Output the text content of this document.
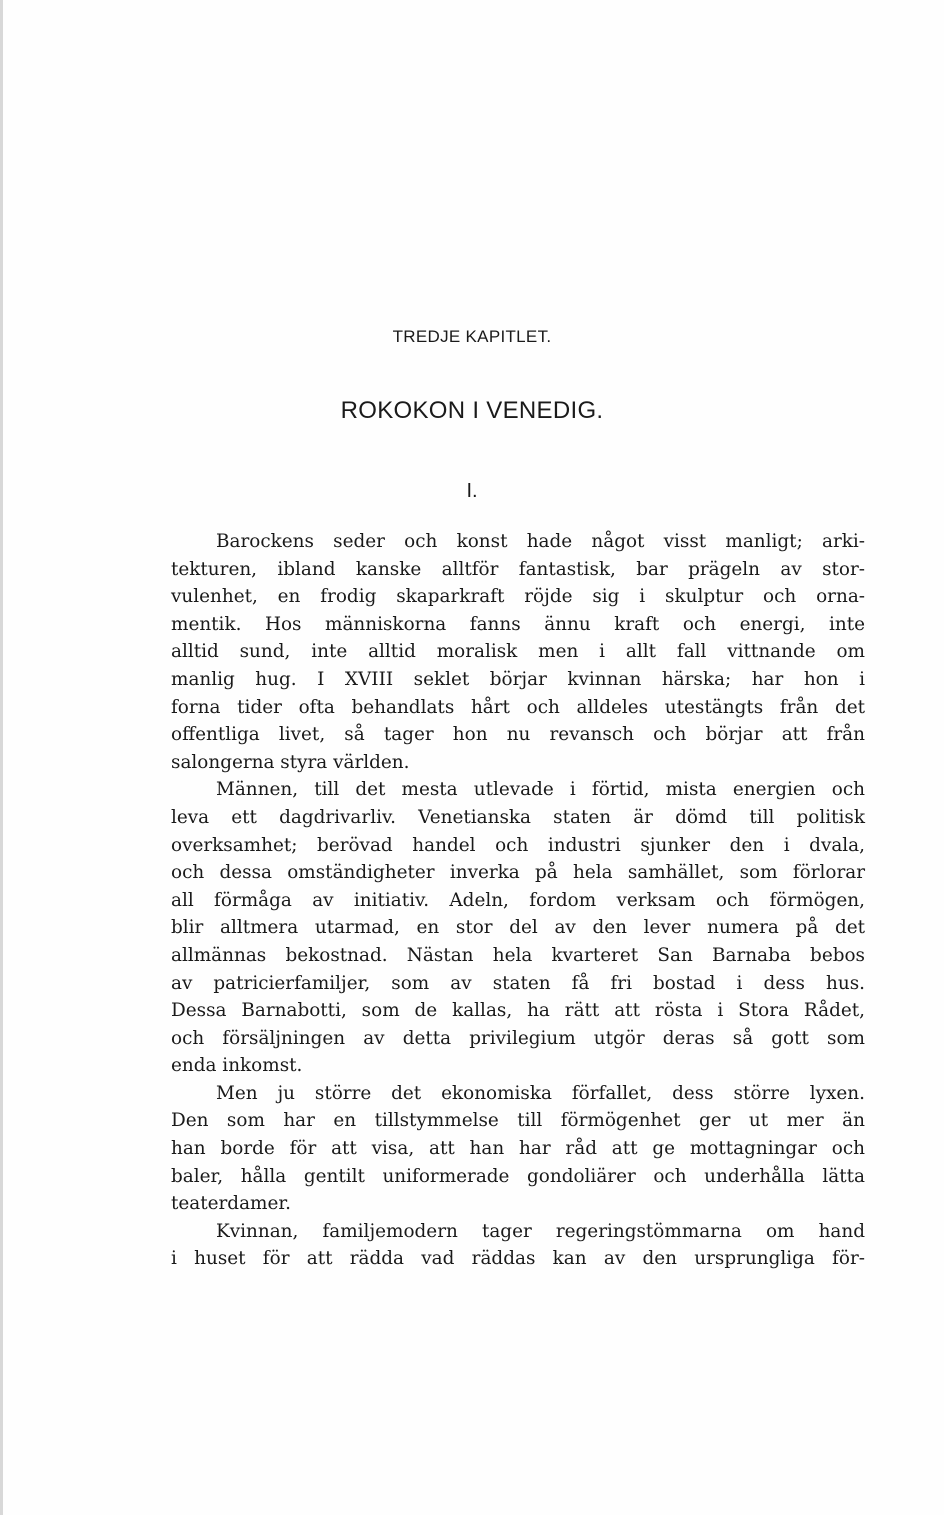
TREDJE KAPITLET.

ROKOKON I VENEDIG.

I.

Barockens seder och konst hade något visst manligt; arki-
tekturen, ibland kanske alltför fantastisk, bar prägeln av stor-
vulenhet, en frodig skaparkraft röjde sig i skulptur och orna-
mentik. Hos människorna fanns ännu kraft och energi, inte
alltid sund, inte alltid moralisk men i allt fall vittnande om
manlig hug. I XVIII seklet börjar kvinnan härska; har hon i
forna tider ofta behandlats hårt och alldeles utestängts från det
offentliga livet, så tager hon nu revansch och börjar att från
salongerna styra världen.

Männen, till det mesta utlevade i förtid, mista energien och
leva ett dagdrivarliv. Venetianska staten är dömd till politisk
overksamhet; berövad handel och industri sjunker den i dvala,
och dessa omständigheter inverka på hela samhället, som förlorar
all förmåga av initiativ. Adeln, fordom verksam och förmögen,
blir alltmera utarmad, en stor del av den lever numera på det
allmännas bekostnad. Nästan hela kvarteret San Barnaba bebos
av patricierfamiljer, som av staten få fri bostad i dess hus.
Dessa Barnabotti, som de kallas, ha rätt att rösta i Stora Rådet,
och försäljningen av detta privilegium utgör deras så gott som
enda inkomst.

Men ju större det ekonomiska förfallet, dess större lyxen.
Den som har en tillstymmelse till förmögenhet ger ut mer än
han borde för att visa, att han har råd att ge mottagningar och
baler, hålla gentilt uniformerade gondoliärer och underhålla lätta
teaterdamer.

Kvinnan, familjemodern tager regeringstömmarna om hand
i huset för att rädda vad räddas kan av den ursprungliga för-
